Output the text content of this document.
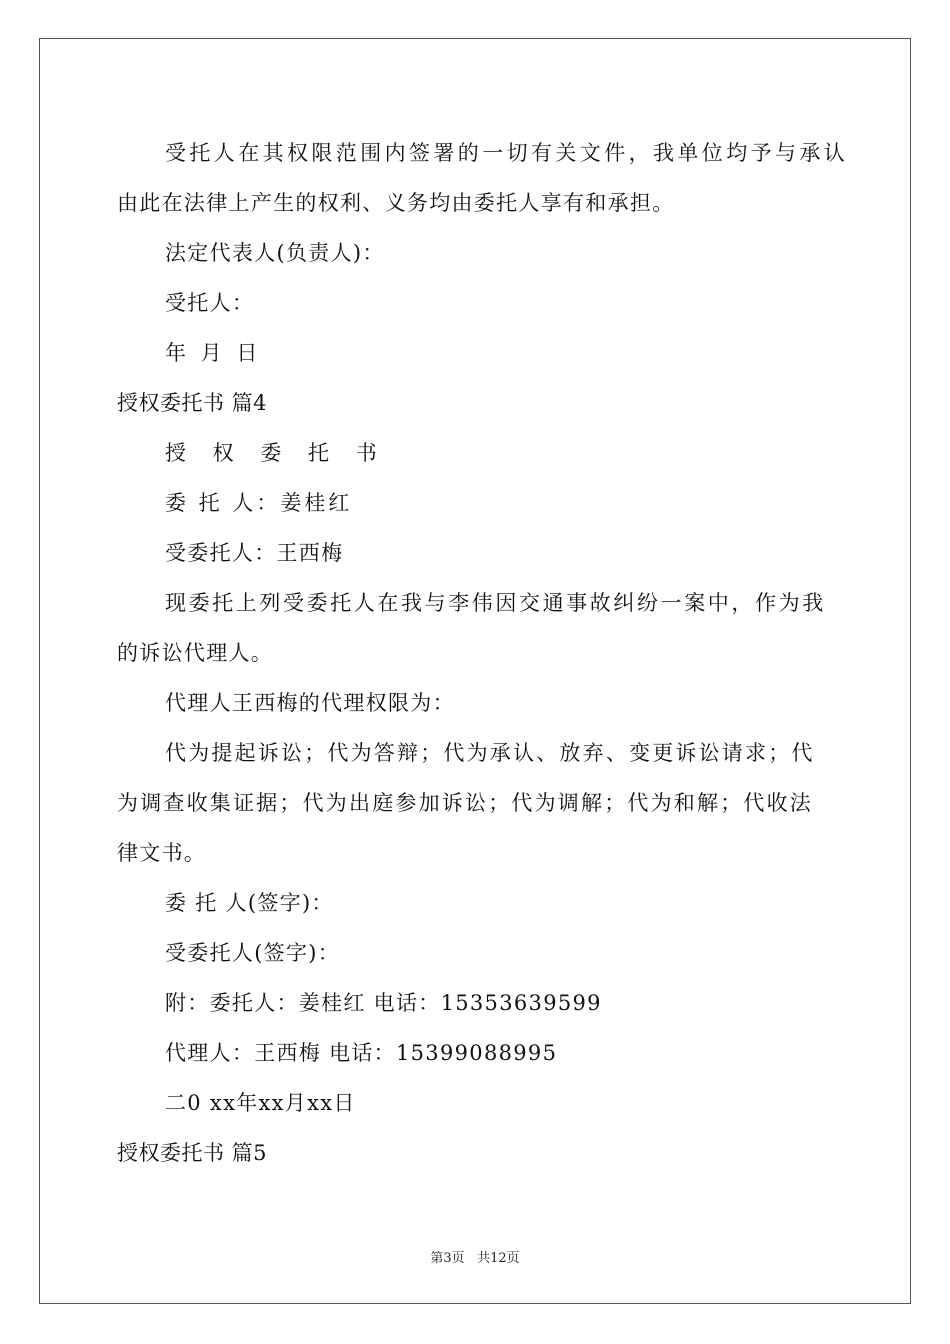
受托人在其权限范围内签署的一切有关文件，我单位均予与承认
由此在法律上产生的权利、义务均由委托人享有和承担。
法定代表人(负责人)：
受托人：
年 月 日
授权委托书 篇4
授 权 委 托 书
委 托 人：姜桂红
受委托人：王西梅
现委托上列受委托人在我与李伟因交通事故纠纷一案中，作为我
的诉讼代理人。
代理人王西梅的代理权限为：
代为提起诉讼；代为答辩；代为承认、放弃、变更诉讼请求；代
为调查收集证据；代为出庭参加诉讼；代为调解；代为和解；代收法
律文书。
委 托 人(签字)：
受委托人(签字)：
附：委托人：姜桂红 电话：15353639599
代理人：王西梅 电话：15399088995
二0 xx年xx月xx日
授权委托书 篇5
第3页 共12页
